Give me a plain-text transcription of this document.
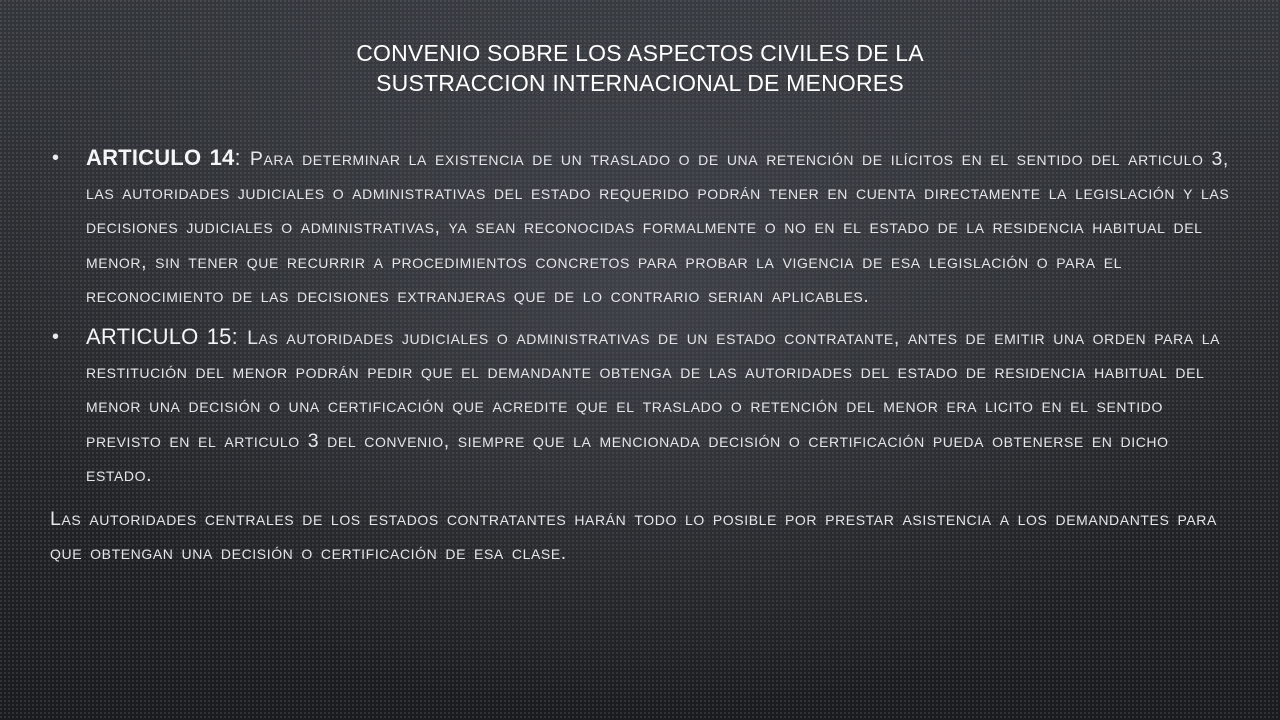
CONVENIO SOBRE LOS ASPECTOS CIVILES DE LA
SUSTRACCION INTERNACIONAL DE MENORES
• ARTICULO 14: Para determinar la existencia de un traslado o de una retención de ilícitos en el sentido del articulo 3, las autoridades judiciales o administrativas del estado requerido podrán tener en cuenta directamente la legislación y las decisiones judiciales o administrativas, ya sean reconocidas formalmente o no en el estado de la residencia habitual del menor, sin tener que recurrir a procedimientos concretos para probar la vigencia de esa legislación o para el reconocimiento de las decisiones extranjeras que de lo contrario serian aplicables.
• ARTICULO 15: Las autoridades judiciales o administrativas de un estado contratante, antes de emitir una orden para la restitución del menor podrán pedir que el demandante obtenga de las autoridades del estado de residencia habitual del menor una decisión o una certificación que acredite que el traslado o retención del menor era licito en el sentido previsto en el articulo 3 del convenio, siempre que la mencionada decisión o certificación pueda obtenerse en dicho estado.
Las autoridades centrales de los estados contratantes harán todo lo posible por prestar asistencia a los demandantes para que obtengan una decisión o certificación de esa clase.
